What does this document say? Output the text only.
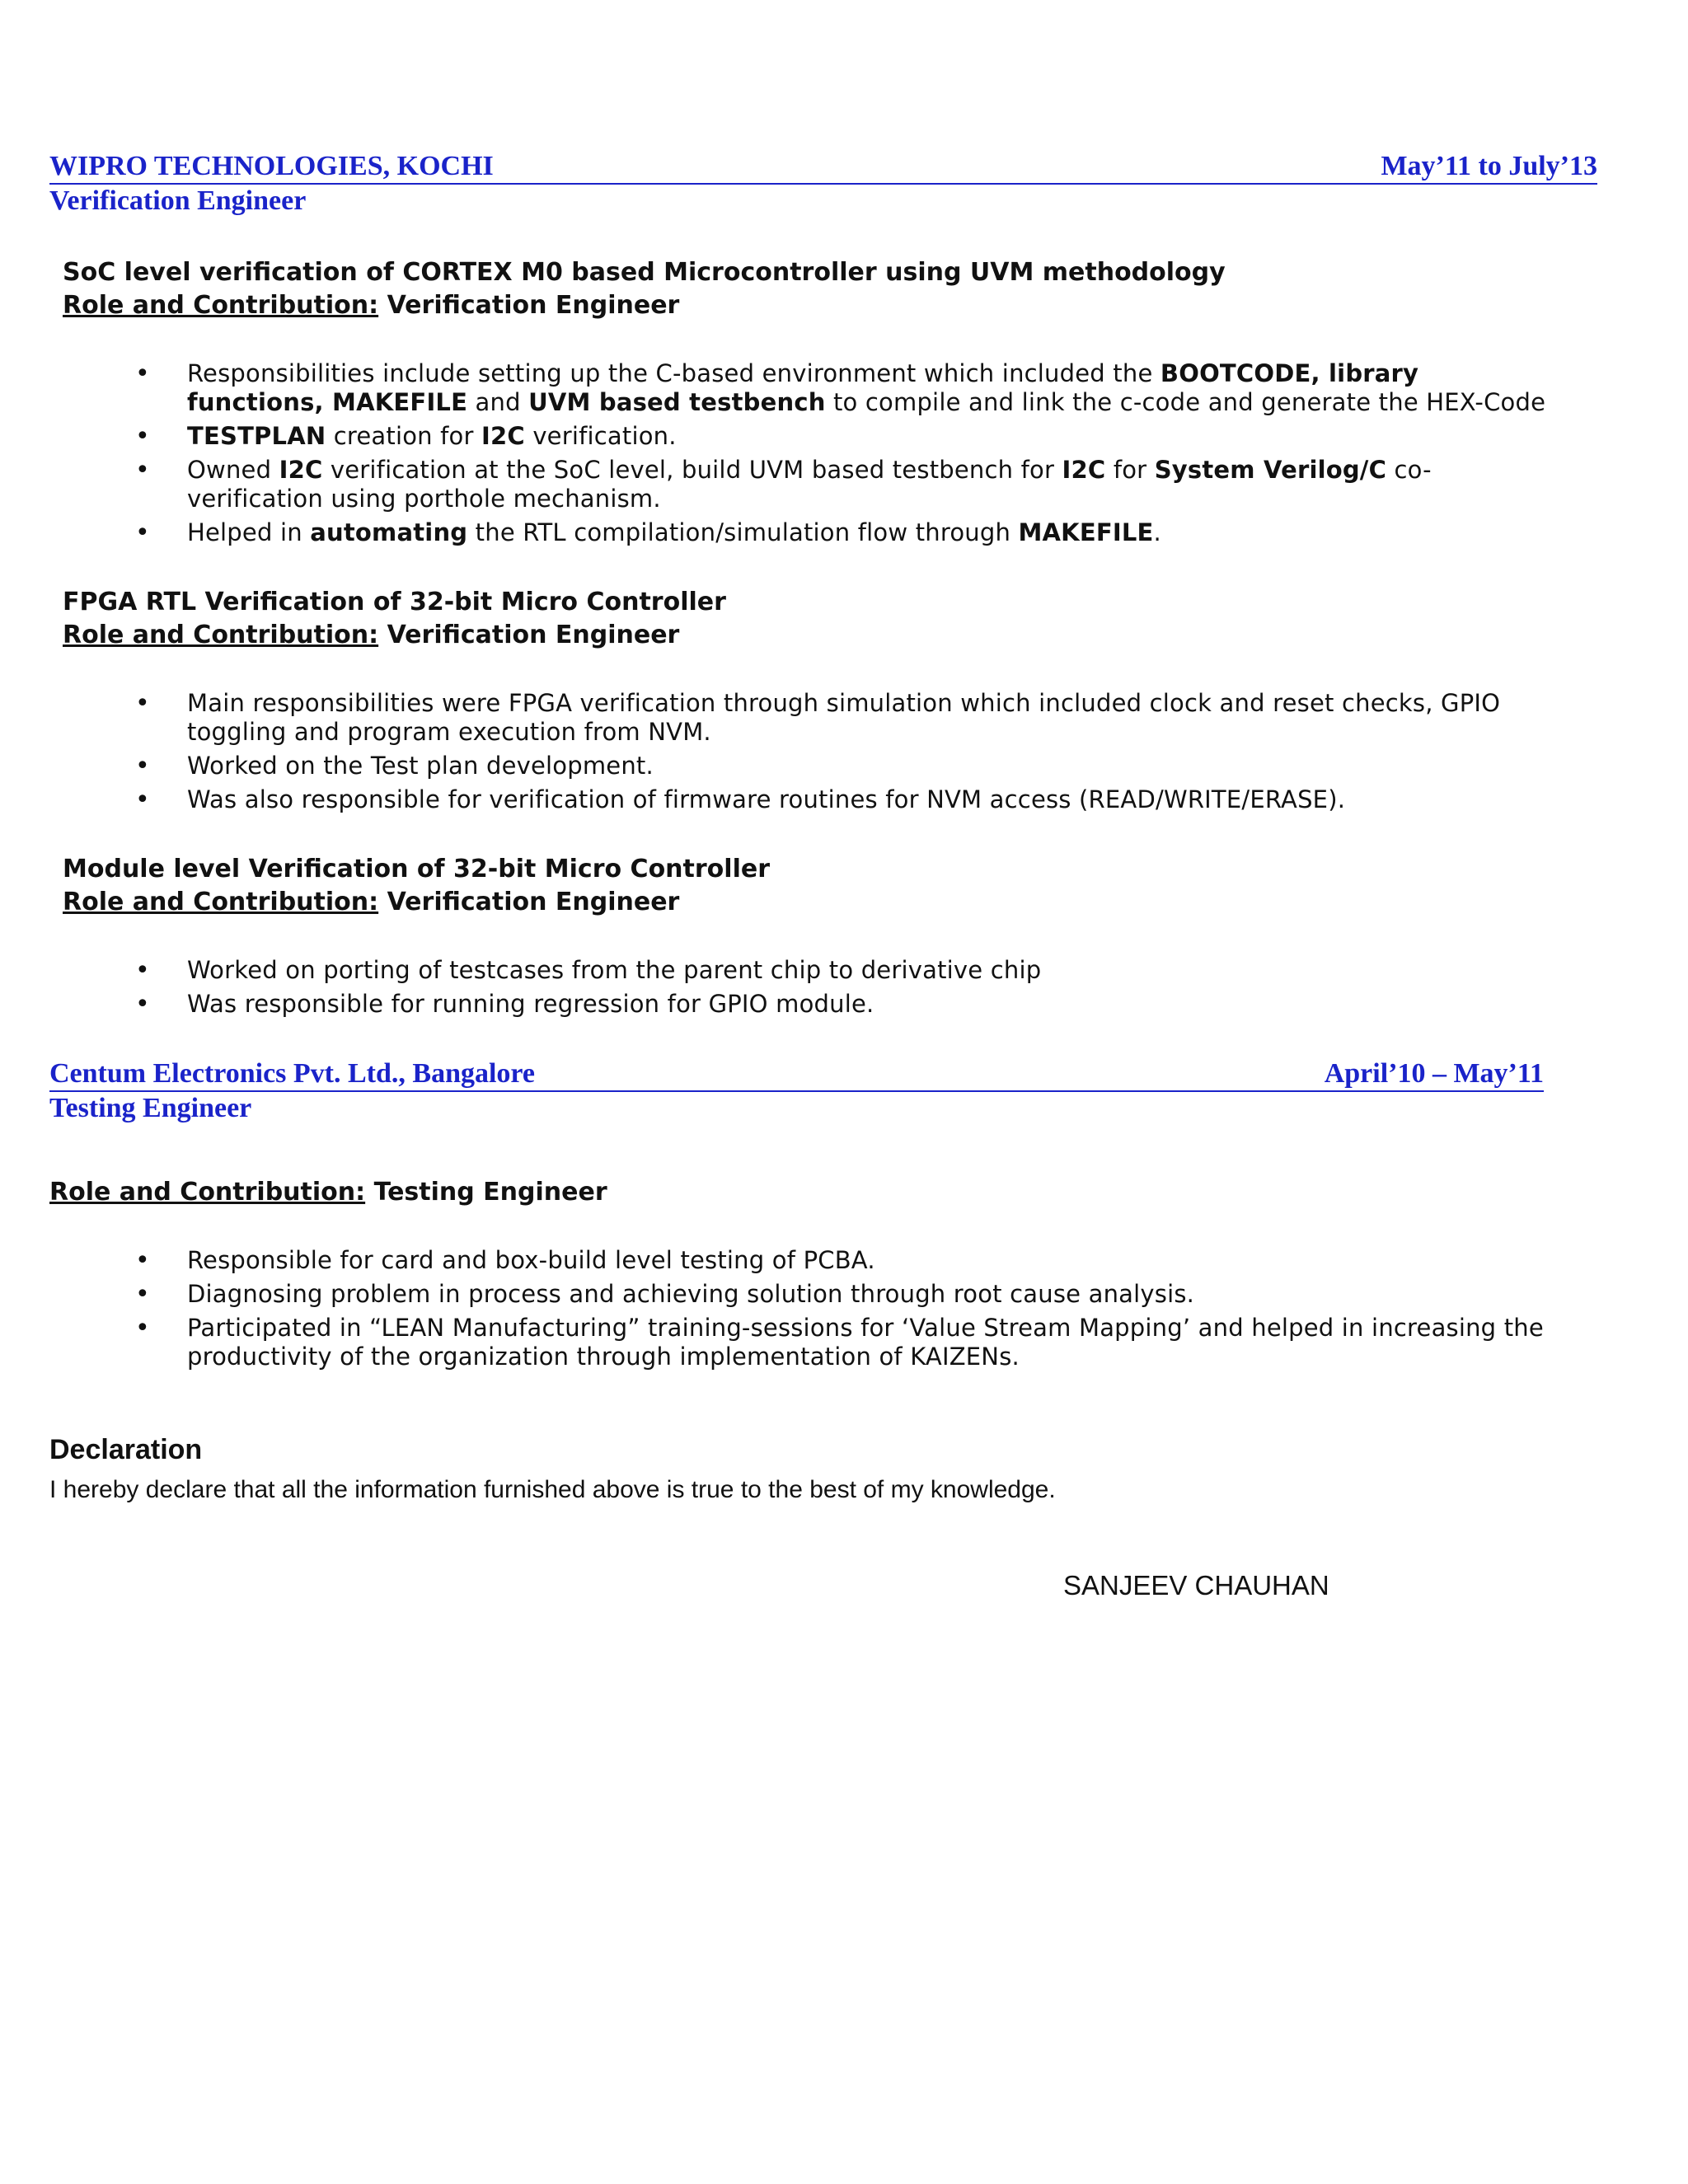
WIPRO TECHNOLOGIES, KOCHI	May’11 to July’13
Verification Engineer
SoC level verification of CORTEX M0 based Microcontroller using UVM methodology
Role and Contribution: Verification Engineer
• Responsibilities include setting up the C-based environment which included the BOOTCODE, library functions, MAKEFILE and UVM based testbench to compile and link the c-code and generate the HEX-Code
• TESTPLAN creation for I2C verification.
• Owned I2C verification at the SoC level, build UVM based testbench for I2C for System Verilog/C co-verification using porthole mechanism.
• Helped in automating the RTL compilation/simulation flow through MAKEFILE.
FPGA RTL Verification of 32-bit Micro Controller
Role and Contribution: Verification Engineer
• Main responsibilities were FPGA verification through simulation which included clock and reset checks, GPIO toggling and program execution from NVM.
• Worked on the Test plan development.
• Was also responsible for verification of firmware routines for NVM access (READ/WRITE/ERASE).
Module level Verification of 32-bit Micro Controller
Role and Contribution: Verification Engineer
• Worked on porting of testcases from the parent chip to derivative chip
• Was responsible for running regression for GPIO module.
Centum Electronics Pvt. Ltd., Bangalore	April’10 – May’11
Testing Engineer
Role and Contribution: Testing Engineer
• Responsible for card and box-build level testing of PCBA.
• Diagnosing problem in process and achieving solution through root cause analysis.
• Participated in “LEAN Manufacturing” training-sessions for ‘Value Stream Mapping’ and helped in increasing the productivity of the organization through implementation of KAIZENs.
Declaration
I hereby declare that all the information furnished above is true to the best of my knowledge.
SANJEEV CHAUHAN
